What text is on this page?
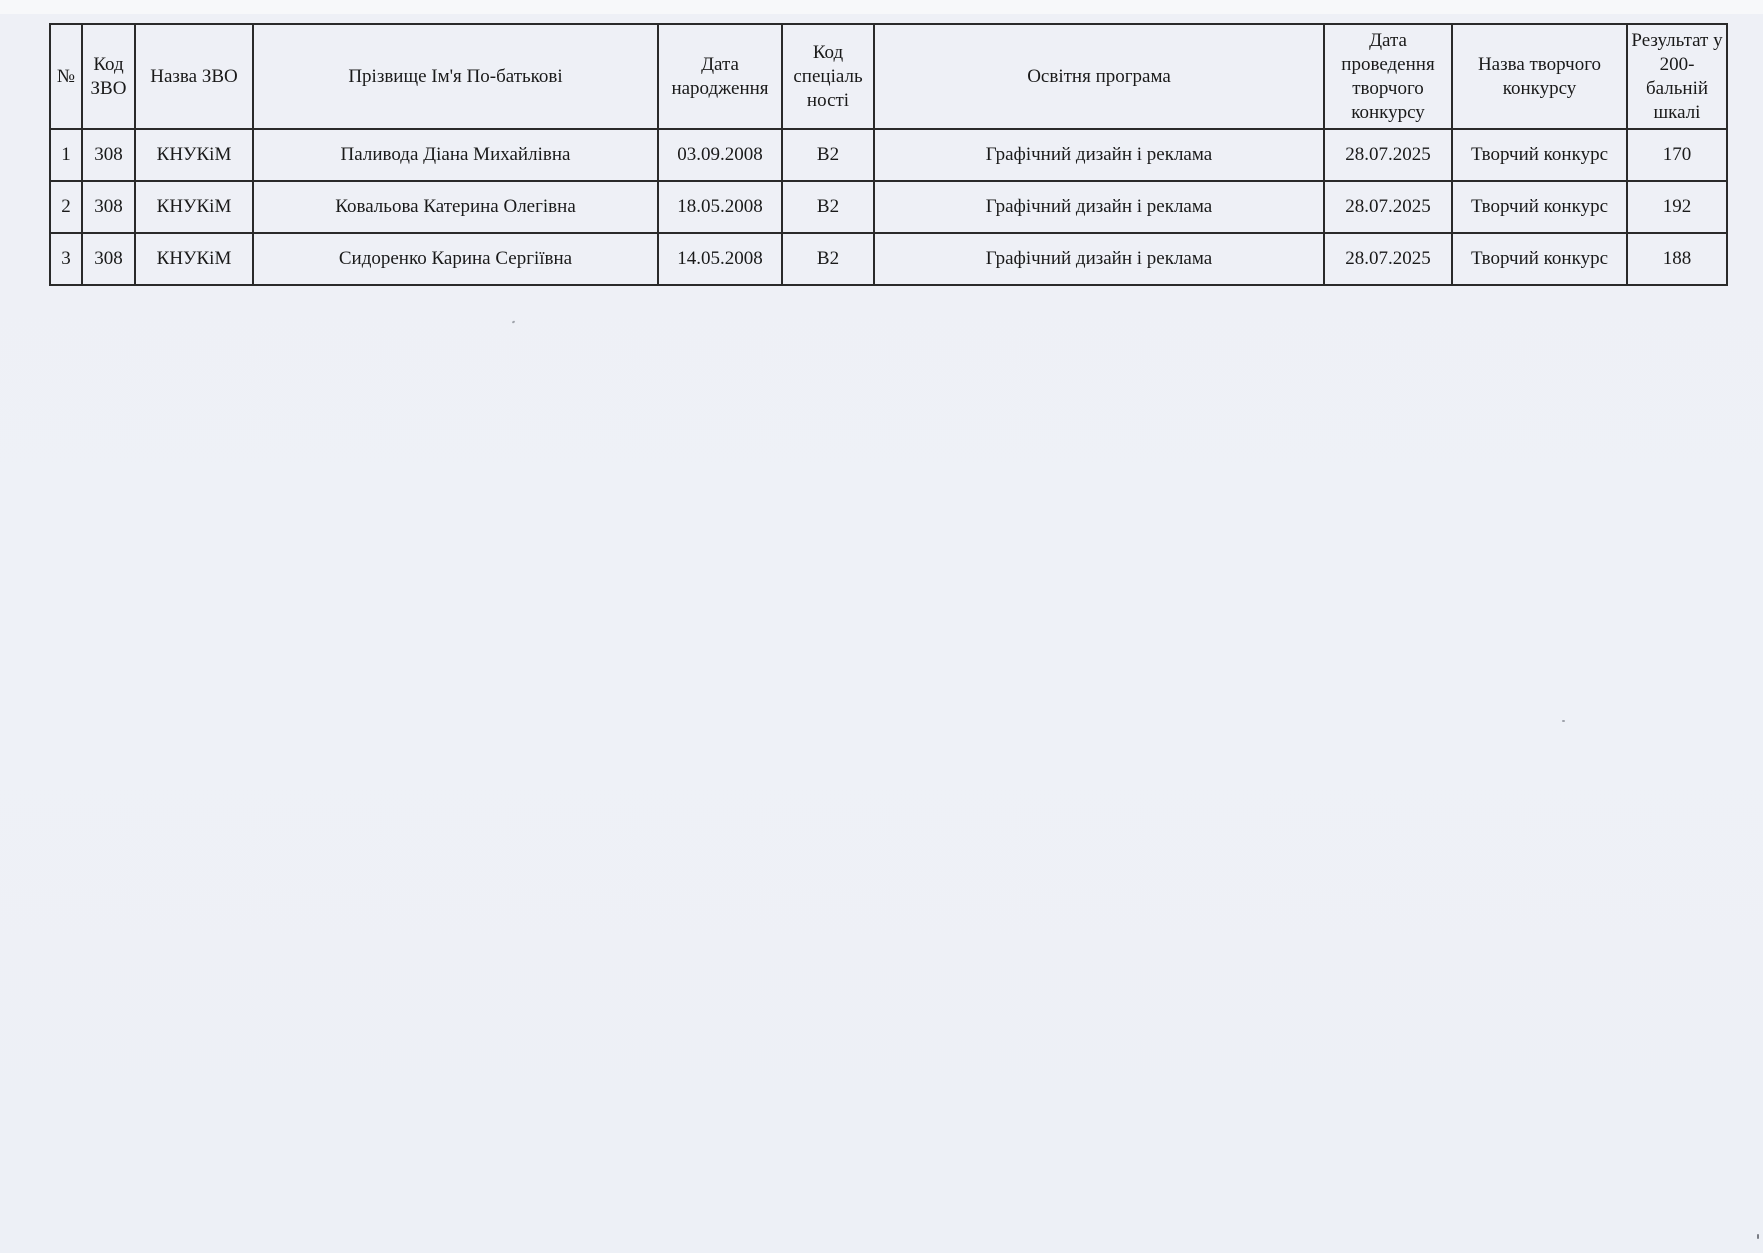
№	Код ЗВО	Назва ЗВО	Прізвище Ім'я По-батькові	Дата народження	Код спеціаль ності	Освітня програма	Дата проведення творчого конкурсу	Назва творчого конкурсу	Результат у 200-бальній шкалі
1	308	КНУКіМ	Паливода Діана Михайлівна	03.09.2008	В2	Графічний дизайн і реклама	28.07.2025	Творчий конкурс	170
2	308	КНУКіМ	Ковальова Катерина Олегівна	18.05.2008	В2	Графічний дизайн і реклама	28.07.2025	Творчий конкурс	192
3	308	КНУКіМ	Сидоренко Карина Сергіївна	14.05.2008	В2	Графічний дизайн і реклама	28.07.2025	Творчий конкурс	188
